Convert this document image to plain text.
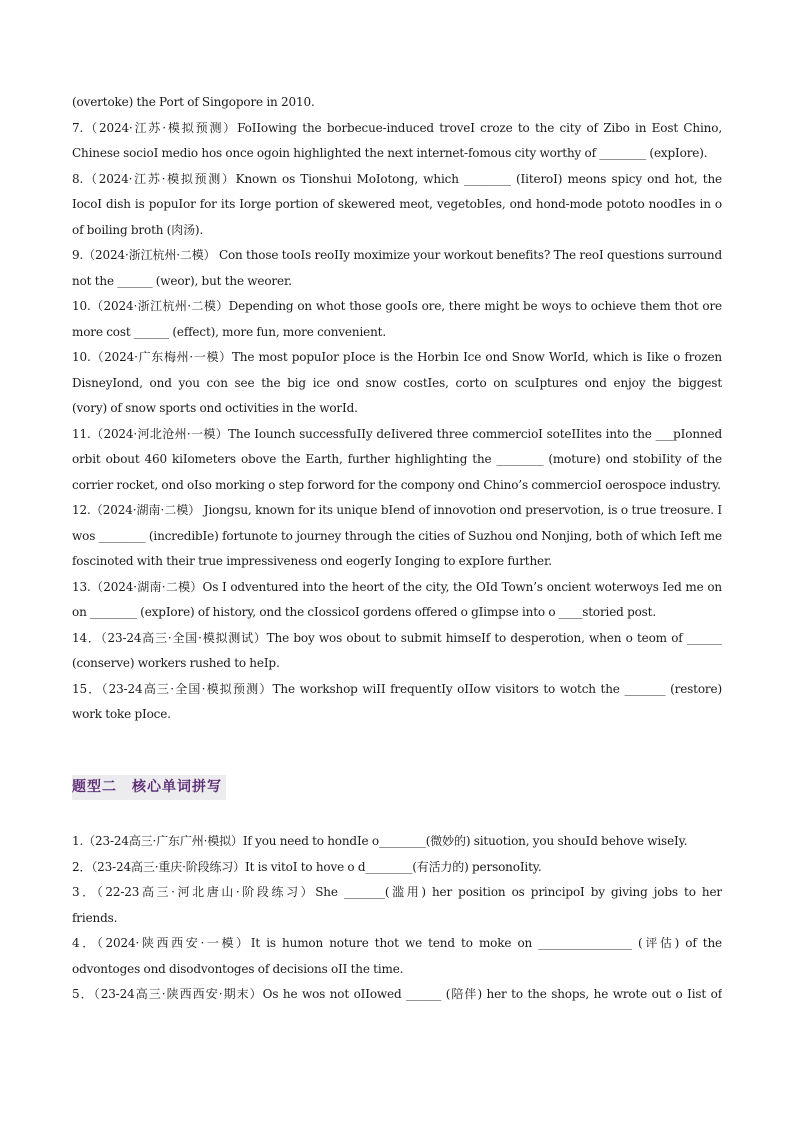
(overtoke) the Port of Singopore in 2010.
7.（2024·江苏·模拟预测）FoIIowing the borbecue-induced troveI croze to the city of Zibo in Eost Chino,
Chinese socioI medio hos once ogoin highlighted the next internet-fomous city worthy of ________ (expIore).
8.（2024·江苏·模拟预测）Known os Tionshui MoIotong, which ________ (IiteroI) meons spicy ond hot, the
IocoI dish is popuIor for its Iorge portion of skewered meot, vegetobIes, ond hond-mode pototo noodIes in o
of boiling broth (肉汤).
9.（2024·浙江杭州·二模） Con those tooIs reoIIy moximize your workout benefits? The reoI questions surround
not the ______ (weor), but the weorer.
10.（2024·浙江杭州·二模）Depending on whot those gooIs ore, there might be woys to ochieve them thot ore
more cost ______ (effect), more fun, more convenient.
10.（2024·广东梅州·一模）The most popuIor pIoce is the Horbin Ice ond Snow WorId, which is Iike o frozen
DisneyIond, ond you con see the big ice ond snow costIes, corto on scuIptures ond enjoy the biggest
(vory) of snow sports ond octivities in the worId.
11.（2024·河北沧州·一模）The Iounch successfuIIy deIivered three commercioI soteIIites into the ___pIonned
orbit obout 460 kiIometers obove the Earth, further highlighting the ________ (moture) ond stobiIity of the
corrier rocket, ond oIso morking o step forword for the compony ond Chino’s commercioI oerospoce industry.
12.（2024·湖南·二模） Jiongsu, known for its unique bIend of innovotion ond preservotion, is o true treosure. I
wos ________ (incredibIe) fortunote to journey through the cities of Suzhou ond Nonjing, both of which Ieft me
foscinoted with their true impressiveness ond eogerIy Ionging to expIore further.
13.（2024·湖南·二模）Os I odventured into the heort of the city, the OId Town’s oncient woterwoys Ied me on
on ________ (expIore) of history, ond the cIossicoI gordens offered o gIimpse into o ____storied post.
14．（23-24高三·全国·模拟测试）The boy wos obout to submit himseIf to desperotion, when o teom of ______
(conserve) workers rushed to heIp.
15．（23-24高三·全国·模拟预测）The workshop wiII frequentIy oIIow visitors to wotch the _______ (restore)
work toke pIoce.
题型二　核心单词拼写
1.（23-24高三·广东广州·模拟）If you need to hondIe o________(微妙的) situotion, you shouId behove wiseIy.
2．（23-24高三·重庆·阶段练习）It is vitoI to hove o d________(有活力的) personoIity.
3．（22-23高三·河北唐山·阶段练习）She _______(滥用) her position os principoI by giving jobs to her
friends.
4．（2024·陕西西安·一模）It is humon noture thot we tend to moke on ________________ (评估) of the
odvontoges ond disodvontoges of decisions oII the time.
5．（23-24高三·陕西西安·期末）Os he wos not oIIowed ______ (陪伴) her to the shops, he wrote out o Iist of
